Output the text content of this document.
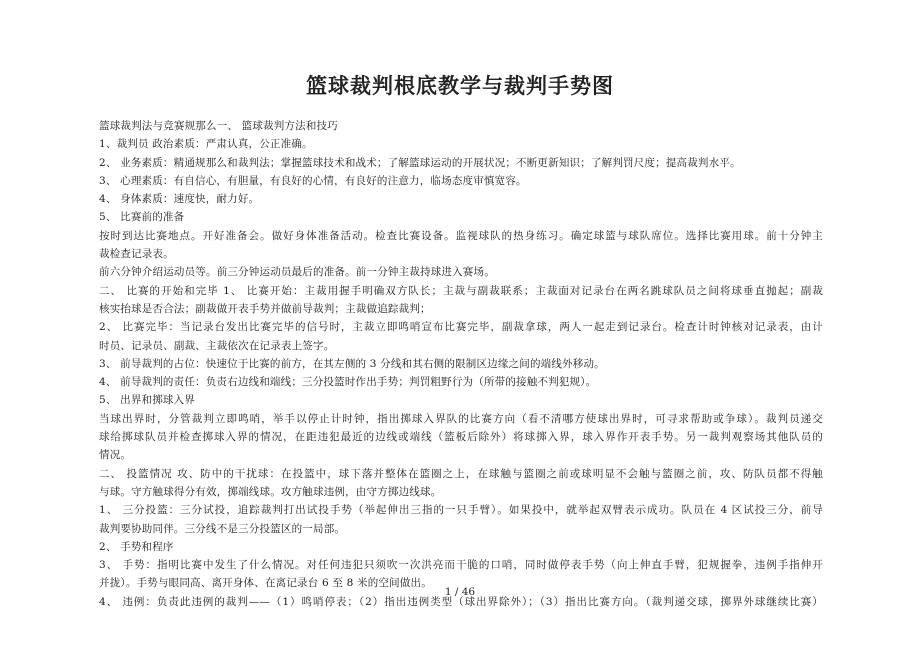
篮球裁判根底教学与裁判手势图
篮球裁判法与竞赛规那么一、 篮球裁判方法和技巧
1、裁判员 政治素质：严肃认真，公正准确。
2、 业务素质：精通规那么和裁判法；掌握篮球技术和战术；了解篮球运动的开展状况；不断更新知识；了解判罚尺度；提高裁判水平。
3、 心理素质：有自信心，有胆量，有良好的心情，有良好的注意力，临场态度审慎宽容。
4、 身体素质：速度快，耐力好。
5、 比赛前的准备
按时到达比赛地点。开好准备会。做好身体准备活动。检查比赛设备。监视球队的热身练习。确定球篮与球队席位。选择比赛用球。前十分钟主
裁检查记录表。
前六分钟介绍运动员等。前三分钟运动员最后的准备。前一分钟主裁持球进入赛场。
二、 比赛的开始和完毕 1、 比赛开始：主裁用握手明确双方队长；主裁与副裁联系；主裁面对记录台在两名跳球队员之间将球垂直抛起；副裁
核实抬球是否合法；副裁做开表手势并做前导裁判；主裁做追踪裁判；
2、 比赛完毕：当记录台发出比赛完毕的信号时，主裁立即鸣哨宣布比赛完毕，副裁拿球，两人一起走到记录台。检查计时钟核对记录表，由计
时员、记录员、副裁、主裁依次在记录表上签字。
3、 前导裁判的占位：快速位于比赛的前方，在其左侧的 3 分线和其右侧的限制区边缘之间的端线外移动。
4、 前导裁判的责任：负责右边线和端线；三分投篮时作出手势；判罚粗野行为（所带的接触不判犯规）。
5、 出界和掷球入界
当球出界时，分管裁判立即鸣哨，举手以停止计时钟，指出掷球入界队的比赛方向（看不清哪方使球出界时，可寻求帮助或争球）。裁判员递交
球给掷球队员并检查掷球入界的情况，在距违犯最近的边线或端线（篮板后除外）将球掷入界，球入界作开表手势。另一裁判观察场其他队员的
情况。
二、 投篮情况 攻、防中的干扰球：在投篮中，球下落并整体在篮圈之上，在球触与篮圈之前或球明显不会触与篮圈之前，攻、防队员都不得触
与球。守方触球得分有效，掷端线球。攻方触球违例，由守方掷边线球。
1、 三分投篮：三分试投，追踪裁判打出试投手势（举起伸出三指的一只手臂）。如果投中，就举起双臂表示成功。队员在 4 区试投三分，前导
裁判要协助同伴。三分线不是三分投篮区的一局部。
2、 手势和程序
3、 手势：指明比赛中发生了什么情况。对任何违犯只须吹一次洪亮而干脆的口哨，同时做停表手势（向上伸直手臂，犯规握拳，违例手指伸开
并拢）。手势与眼同高、离开身体、在离记录台 6 至 8 米的空间做出。
4、 违例：负责此违例的裁判——（1）鸣哨停表；（2）指出违例类型（球出界除外）；（3）指出比赛方向。（裁判递交球，掷界外球继续比赛）
1 / 46
